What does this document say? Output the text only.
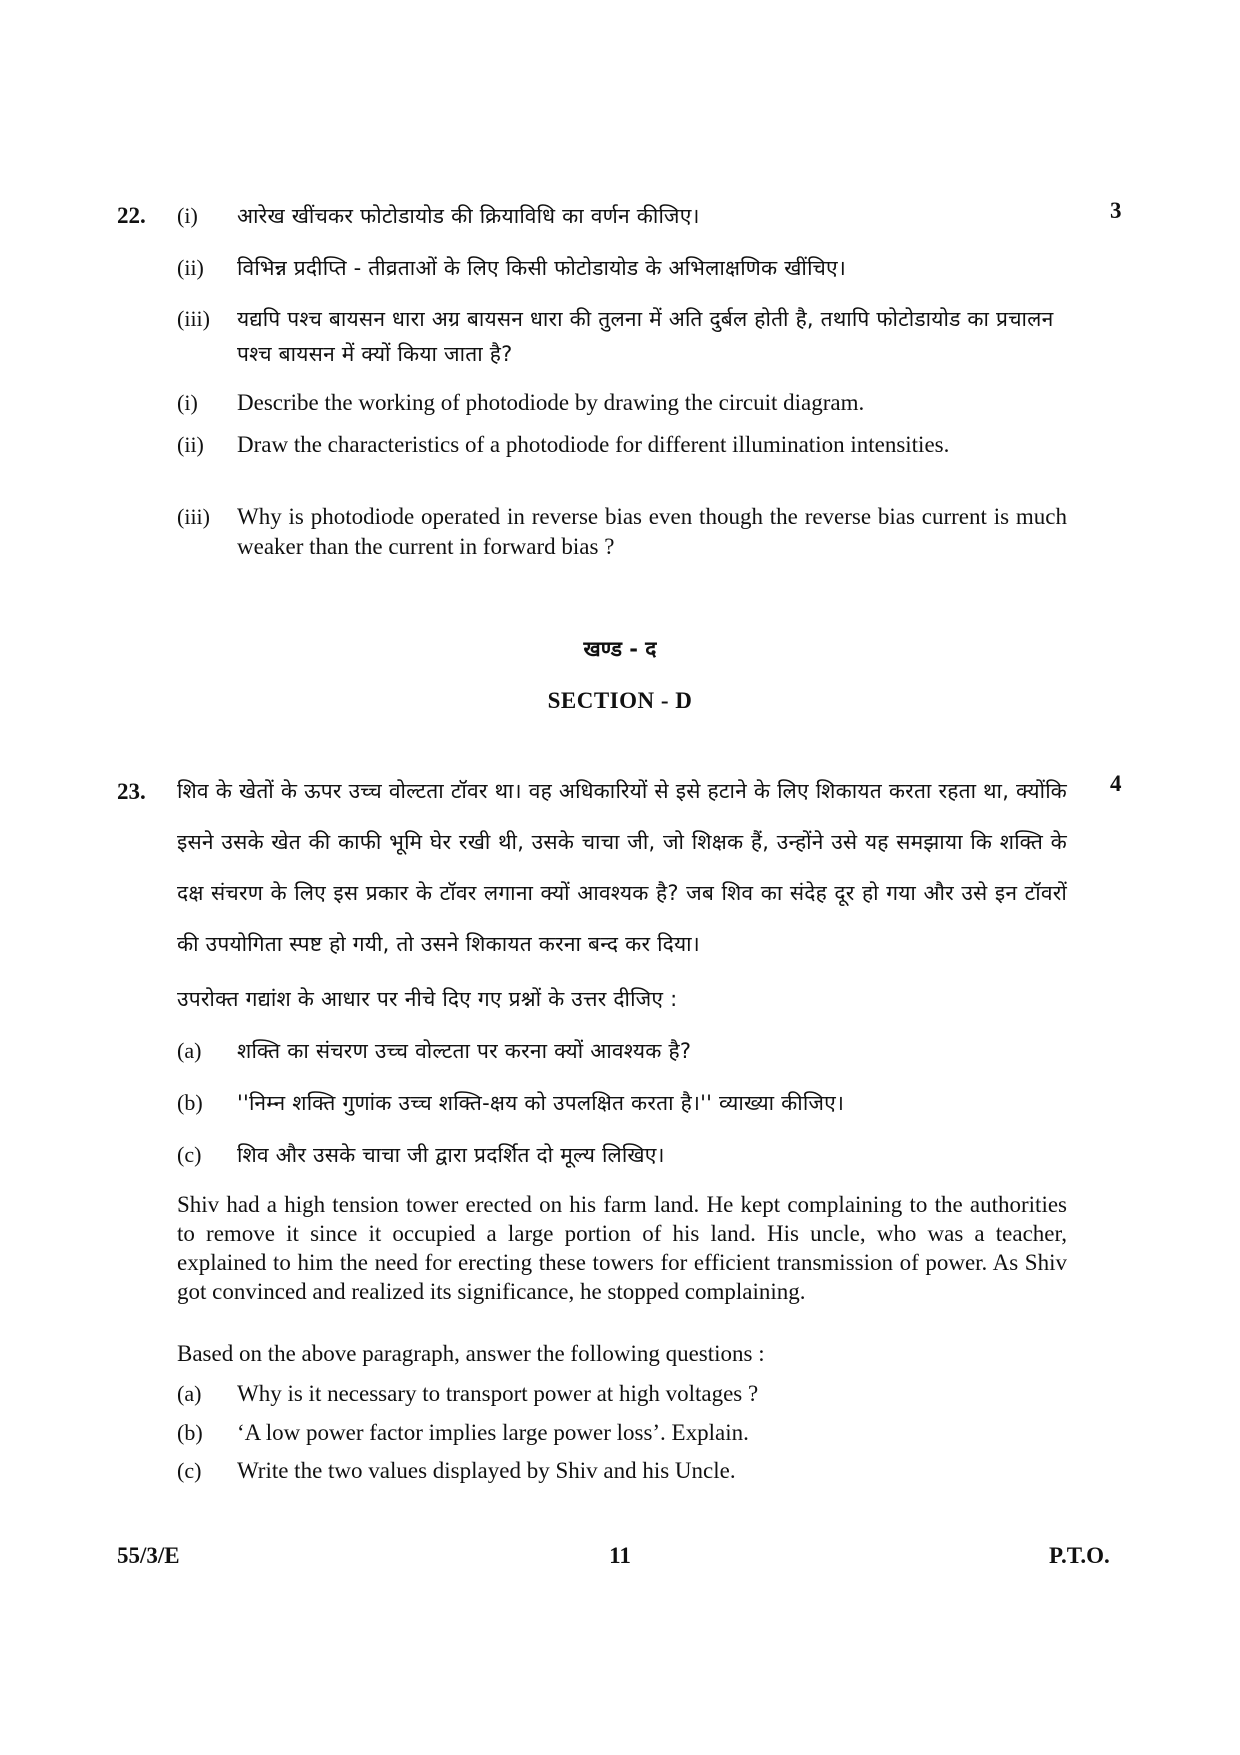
22.	3
(i)	आरेख खींचकर फोटोडायोड की क्रियाविधि का वर्णन कीजिए।
(ii)	विभिन्न प्रदीप्ति - तीव्रताओं के लिए किसी फोटोडायोड के अभिलाक्षणिक खींचिए।
(iii)	यद्यपि पश्च बायसन धारा अग्र बायसन धारा की तुलना में अति दुर्बल होती है, तथापि फोटोडायोड का प्रचालन पश्च बायसन में क्यों किया जाता है?
(i)	Describe the working of photodiode by drawing the circuit diagram.
(ii)	Draw the characteristics of a photodiode for different illumination intensities.
(iii)	Why is photodiode operated in reverse bias even though the reverse bias current is much weaker than the current in forward bias ?
खण्ड - द
SECTION - D
23.	4
शिव के खेतों के ऊपर उच्च वोल्टता टॉवर था। वह अधिकारियों से इसे हटाने के लिए शिकायत करता रहता था, क्योंकि इसने उसके खेत की काफी भूमि घेर रखी थी, उसके चाचा जी, जो शिक्षक हैं, उन्होंने उसे यह समझाया कि शक्ति के दक्ष संचरण के लिए इस प्रकार के टॉवर लगाना क्यों आवश्यक है? जब शिव का संदेह दूर हो गया और उसे इन टॉवरों की उपयोगिता स्पष्ट हो गयी, तो उसने शिकायत करना बन्द कर दिया।
उपरोक्त गद्यांश के आधार पर नीचे दिए गए प्रश्नों के उत्तर दीजिए :
(a)	शक्ति का संचरण उच्च वोल्टता पर करना क्यों आवश्यक है?
(b)	''निम्न शक्ति गुणांक उच्च शक्ति-क्षय को उपलक्षित करता है।'' व्याख्या कीजिए।
(c)	शिव और उसके चाचा जी द्वारा प्रदर्शित दो मूल्य लिखिए।
Shiv had a high tension tower erected on his farm land. He kept complaining to the authorities to remove it since it occupied a large portion of his land. His uncle, who was a teacher, explained to him the need for erecting these towers for efficient transmission of power. As Shiv got convinced and realized its significance, he stopped complaining.
Based on the above paragraph, answer the following questions :
(a)	Why is it necessary to transport power at high voltages ?
(b)	‘A low power factor implies large power loss’. Explain.
(c)	Write the two values displayed by Shiv and his Uncle.
55/3/E	11	P.T.O.
